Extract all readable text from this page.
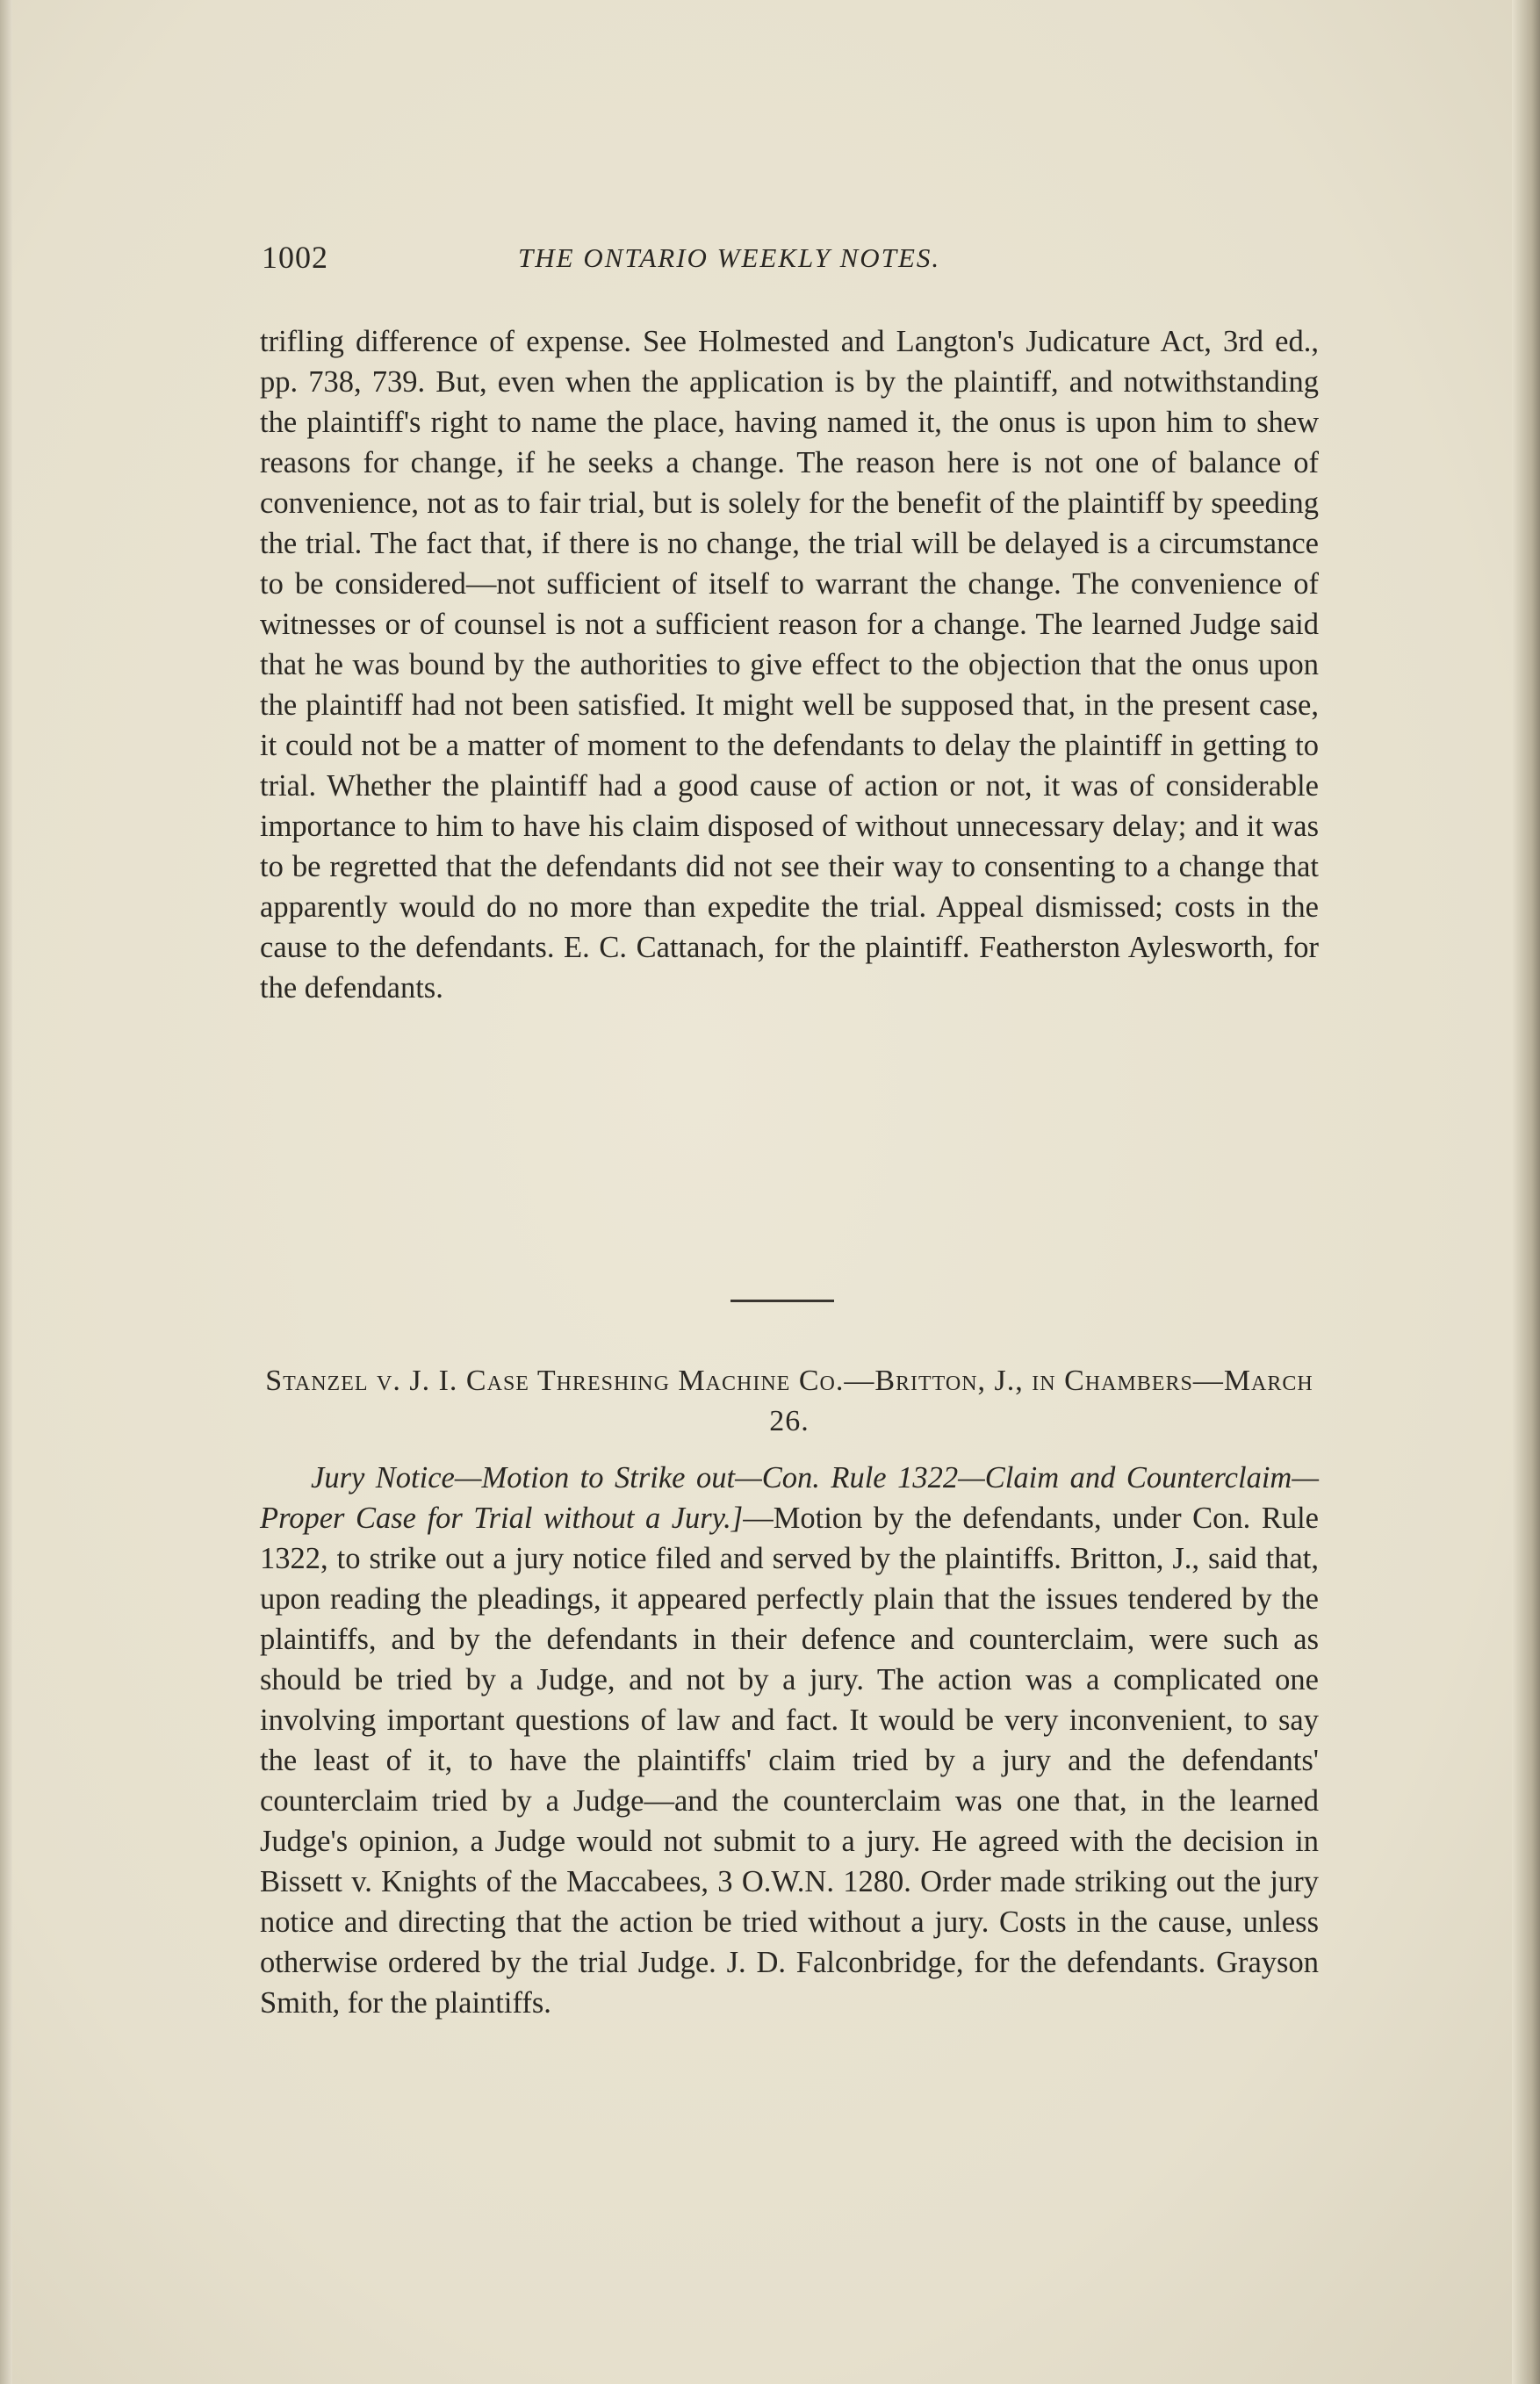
1002	THE ONTARIO WEEKLY NOTES.

trifling difference of expense. See Holmested and Langton's Judicature Act, 3rd ed., pp. 738, 739. But, even when the application is by the plaintiff, and notwithstanding the plaintiff's right to name the place, having named it, the onus is upon him to shew reasons for change, if he seeks a change. The reason here is not one of balance of convenience, not as to fair trial, but is solely for the benefit of the plaintiff by speeding the trial. The fact that, if there is no change, the trial will be delayed is a circumstance to be considered—not sufficient of itself to warrant the change. The convenience of witnesses or of counsel is not a sufficient reason for a change. The learned Judge said that he was bound by the authorities to give effect to the objection that the onus upon the plaintiff had not been satisfied. It might well be supposed that, in the present case, it could not be a matter of moment to the defendants to delay the plaintiff in getting to trial. Whether the plaintiff had a good cause of action or not, it was of considerable importance to him to have his claim disposed of without unnecessary delay; and it was to be regretted that the defendants did not see their way to consenting to a change that apparently would do no more than expedite the trial. Appeal dismissed; costs in the cause to the defendants. E. C. Cattanach, for the plaintiff. Featherston Aylesworth, for the defendants.

Stanzel v. J. I. Case Threshing Machine Co.—Britton, J., in Chambers—March 26.

Jury Notice—Motion to Strike out—Con. Rule 1322—Claim and Counterclaim—Proper Case for Trial without a Jury.]—Motion by the defendants, under Con. Rule 1322, to strike out a jury notice filed and served by the plaintiffs. Britton, J., said that, upon reading the pleadings, it appeared perfectly plain that the issues tendered by the plaintiffs, and by the defendants in their defence and counterclaim, were such as should be tried by a Judge, and not by a jury. The action was a complicated one involving important questions of law and fact. It would be very inconvenient, to say the least of it, to have the plaintiffs' claim tried by a jury and the defendants' counterclaim tried by a Judge—and the counterclaim was one that, in the learned Judge's opinion, a Judge would not submit to a jury. He agreed with the decision in Bissett v. Knights of the Maccabees, 3 O.W.N. 1280. Order made striking out the jury notice and directing that the action be tried without a jury. Costs in the cause, unless otherwise ordered by the trial Judge. J. D. Falconbridge, for the defendants. Grayson Smith, for the plaintiffs.
